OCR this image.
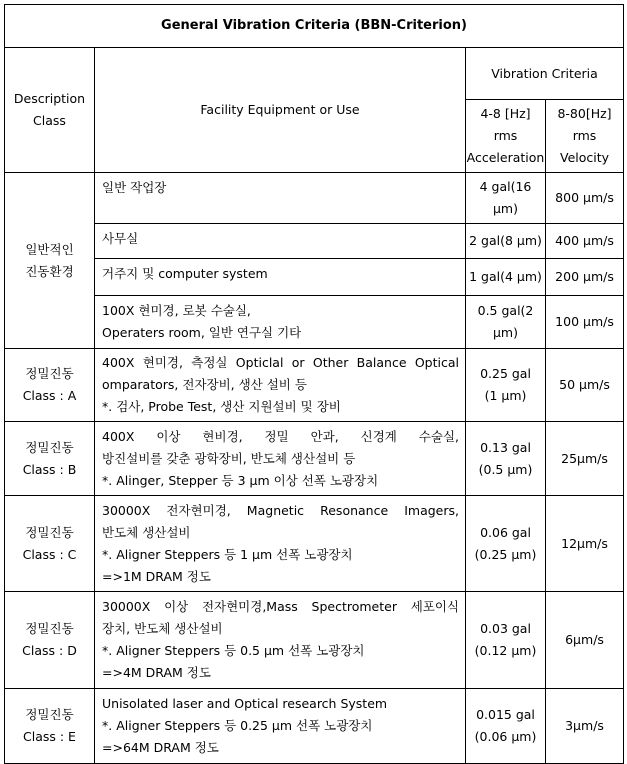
General Vibration Criteria (BBN-Criterion)			

Description
Class	Facility Equipment or Use	Vibration Criteria	

		4-8 [Hz]
rms
Acceleration	8-80[Hz]
rms
Velocity

일반적인
진동환경	일반 작업장	4 gal(16
μm)	800 μm/s

	사무실	2 gal(8 μm)	400 μm/s

	거주지 및 computer system	1 gal(4 μm)	200 μm/s

	100X 현미경, 로봇 수술실,
Operaters room, 일반 연구실 기타	0.5 gal(2
μm)	100 μm/s

정밀진동
Class : A	400X 현미경, 측정실 Opticlal or Other Balance Optical
omparators, 전자장비, 생산 설비 등
*. 검사, Probe Test, 생산 지원설비 및 장비	0.25 gal
(1 μm)	50 μm/s

정밀진동
Class : B	400X 이상 현비경, 정밀 안과, 신경계 수술실,
방진설비를 갖춘 광학장비, 반도체 생산설비 등
*. Alinger, Stepper 등 3 μm 이상 선폭 노광장치	0.13 gal
(0.5 μm)	25μm/s

정밀진동
Class : C	30000X 전자현미경, Magnetic Resonance Imagers,
반도체 생산설비
*. Aligner Steppers 등 1 μm 선폭 노광장치
=>1M DRAM 정도	0.06 gal
(0.25 μm)	12μm/s

정밀진동
Class : D	30000X 이상 전자현미경,Mass Spectrometer 세포이식
장치, 반도체 생산설비
*. Aligner Steppers 등 0.5 μm 선폭 노광장치
=>4M DRAM 정도	0.03 gal
(0.12 μm)	6μm/s

정밀진동
Class : E	Unisolated laser and Optical research System
*. Aligner Steppers 등 0.25 μm 선폭 노광장치
=>64M DRAM 정도	0.015 gal
(0.06 μm)	3μm/s
